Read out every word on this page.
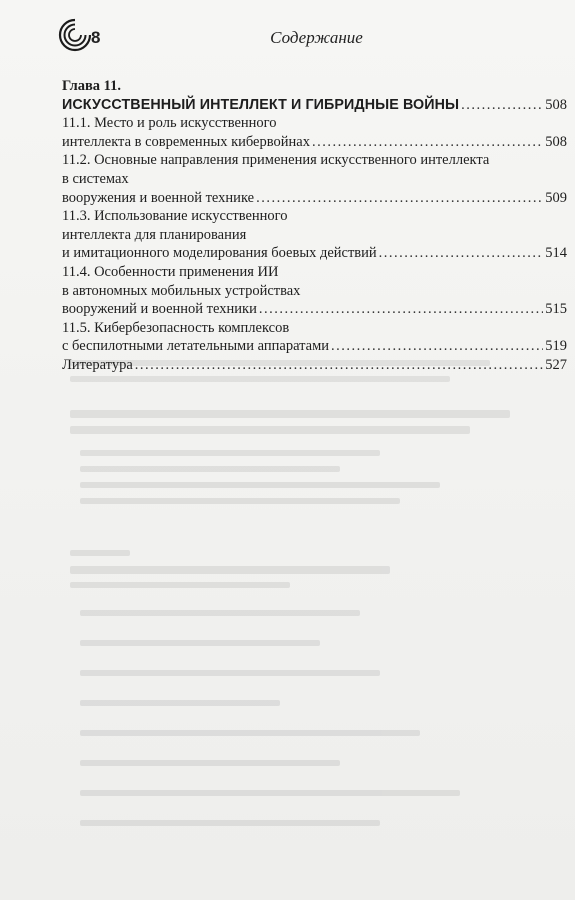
8	Содержание
Глава 11.
ИСКУССТВЕННЫЙ ИНТЕЛЛЕКТ И ГИБРИДНЫЕ ВОЙНЫ .....	508
11.1. Место и роль искусственного
интеллекта в современных кибервойнах .....	508
11.2. Основные направления применения искусственного интеллекта
в системах
вооружения и военной технике .....	509
11.3. Использование искусственного
интеллекта для планирования
и имитационного моделирования боевых действий .....	514
11.4. Особенности применения ИИ
в автономных мобильных устройствах
вооружений и военной техники .....	515
11.5. Кибербезопасность комплексов
с беспилотными летательными аппаратами .....	519
Литература .....	527
